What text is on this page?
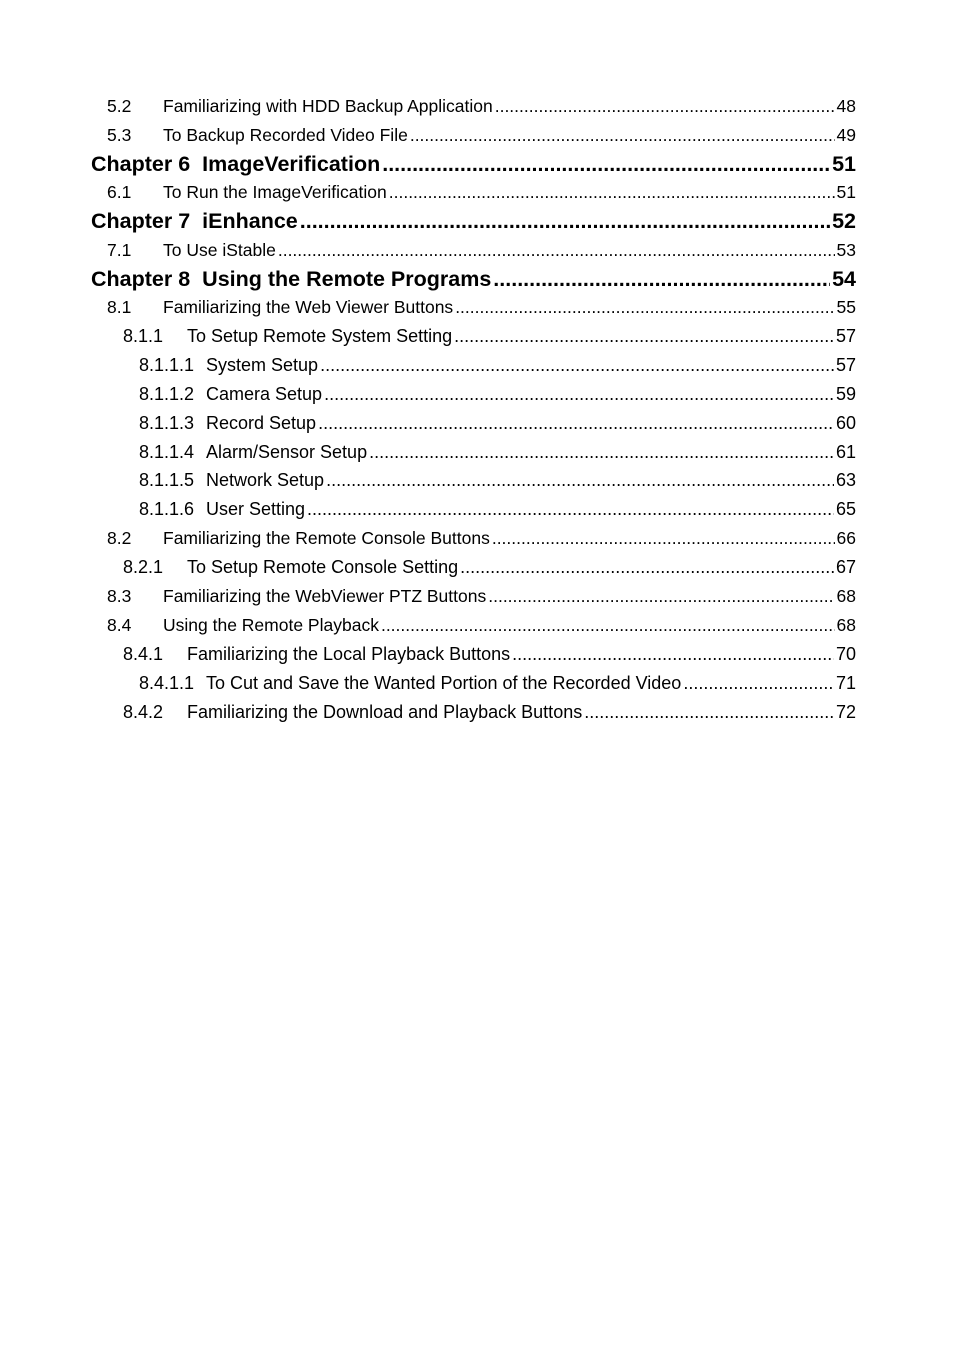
5.2	Familiarizing with HDD Backup Application .....	48
5.3	To Backup Recorded Video File .....	49
Chapter 6 ImageVerification .....	51
6.1	To Run the ImageVerification .....	51
Chapter 7 iEnhance .....	52
7.1	To Use iStable .....	53
Chapter 8 Using the Remote Programs .....	54
8.1	Familiarizing the Web Viewer Buttons .....	55
8.1.1	To Setup Remote System Setting .....	57
8.1.1.1 System Setup .....	57
8.1.1.2 Camera Setup .....	59
8.1.1.3 Record Setup .....	60
8.1.1.4 Alarm/Sensor Setup .....	61
8.1.1.5 Network Setup .....	63
8.1.1.6 User Setting .....	65
8.2	Familiarizing the Remote Console Buttons .....	66
8.2.1	To Setup Remote Console Setting .....	67
8.3	Familiarizing the WebViewer PTZ Buttons .....	68
8.4	Using the Remote Playback .....	68
8.4.1	Familiarizing the Local Playback Buttons .....	70
8.4.1.1 To Cut and Save the Wanted Portion of the Recorded Video .....	71
8.4.2	Familiarizing the Download and Playback Buttons .....	72
